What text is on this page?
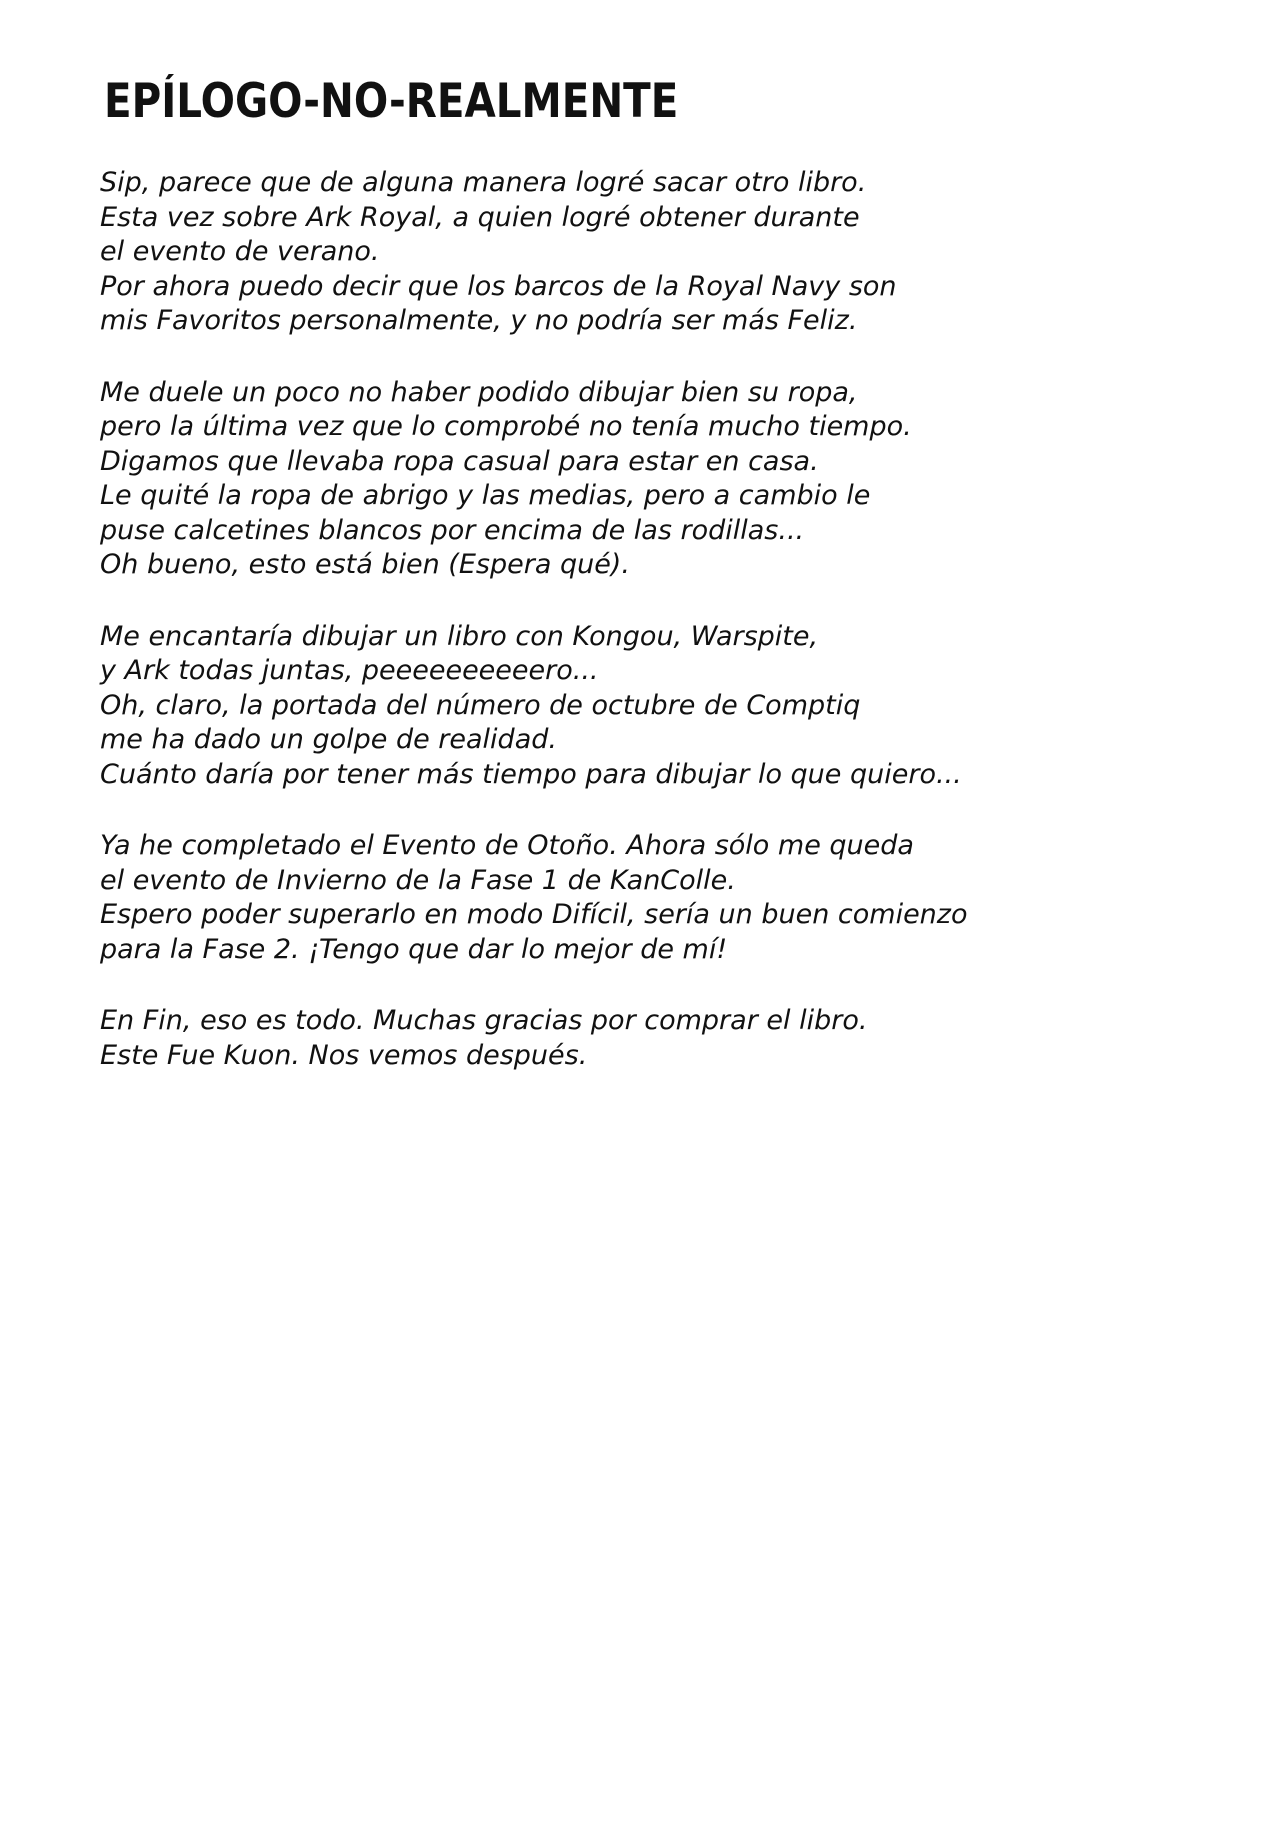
EPÍLOGO-NO-REALMENTE

Sip, parece que de alguna manera logré sacar otro libro.
Esta vez sobre Ark Royal, a quien logré obtener durante
el evento de verano.
Por ahora puedo decir que los barcos de la Royal Navy son
mis Favoritos personalmente, y no podría ser más Feliz.

Me duele un poco no haber podido dibujar bien su ropa,
pero la última vez que lo comprobé no tenía mucho tiempo.
Digamos que llevaba ropa casual para estar en casa.
Le quité la ropa de abrigo y las medias, pero a cambio le
puse calcetines blancos por encima de las rodillas...
Oh bueno, esto está bien (Espera qué).

Me encantaría dibujar un libro con Kongou, Warspite,
y Ark todas juntas, peeeeeeeeeero...
Oh, claro, la portada del número de octubre de Comptiq
me ha dado un golpe de realidad.
Cuánto daría por tener más tiempo para dibujar lo que quiero...

Ya he completado el Evento de Otoño. Ahora sólo me queda
el evento de Invierno de la Fase 1 de KanColle.
Espero poder superarlo en modo Difícil, sería un buen comienzo
para la Fase 2. ¡Tengo que dar lo mejor de mí!

En Fin, eso es todo. Muchas gracias por comprar el libro.
Este Fue Kuon. Nos vemos después.
